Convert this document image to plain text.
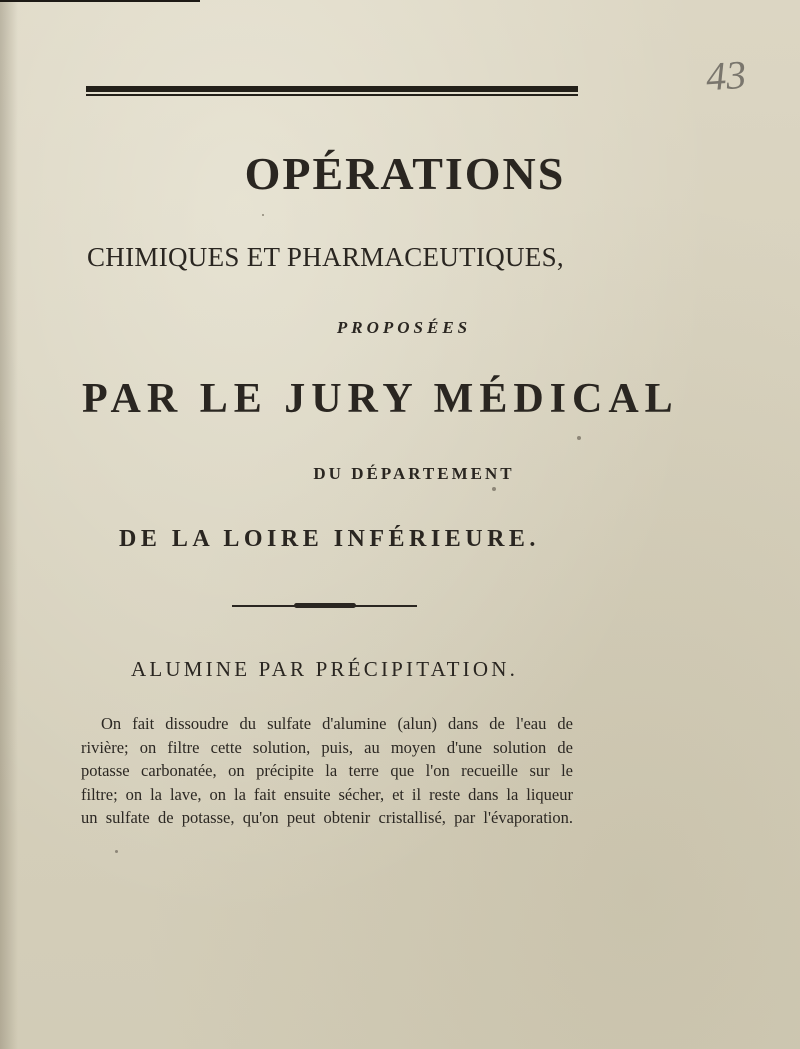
43
OPÉRATIONS
CHIMIQUES ET PHARMACEUTIQUES,
PROPOSÉES
PAR LE JURY MÉDICAL
DU DÉPARTEMENT
DE LA LOIRE INFÉRIEURE.
ALUMINE PAR PRÉCIPITATION.
On fait dissoudre du sulfate d'alumine (alun) dans de l'eau de
rivière; on filtre cette solution, puis, au moyen d'une solution de
potasse carbonatée, on précipite la terre que l'on recueille sur le
filtre; on la lave, on la fait ensuite sécher, et il reste dans la liqueur
un sulfate de potasse, qu'on peut obtenir cristallisé, par l'évaporation.
